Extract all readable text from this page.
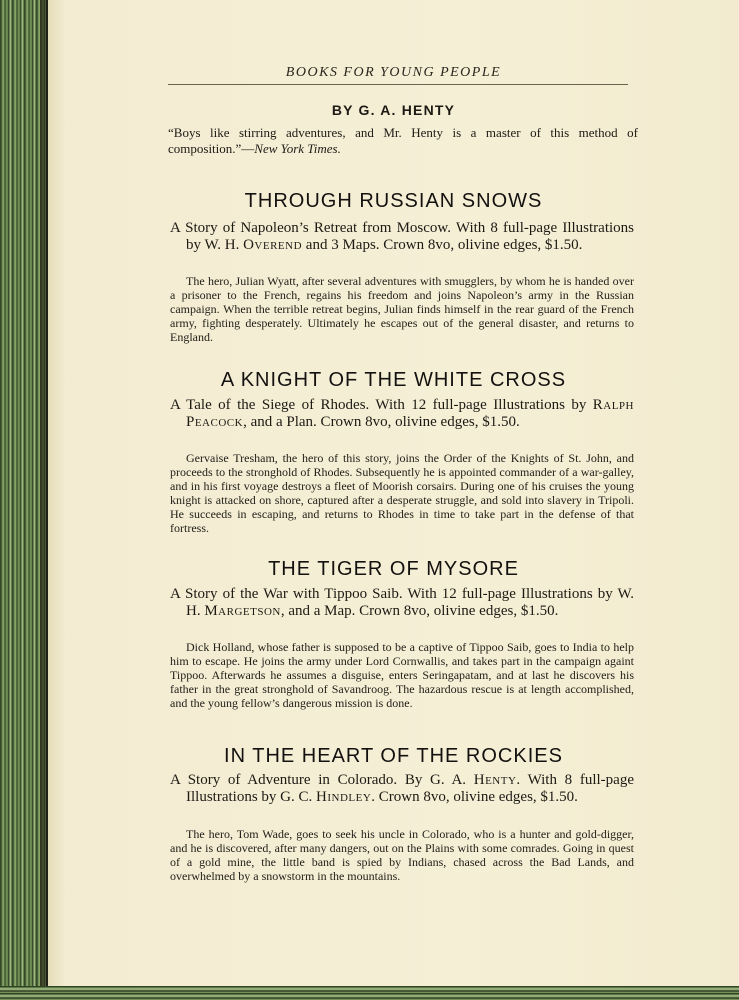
BOOKS FOR YOUNG PEOPLE
BY G. A. HENTY

“Boys like stirring adventures, and Mr. Henty is a master of this method of composition.”—New York Times.

THROUGH RUSSIAN SNOWS

A Story of Napoleon’s Retreat from Moscow. With 8 full-page Illustrations by W. H. Overend and 3 Maps. Crown 8vo, olivine edges, $1.50.

The hero, Julian Wyatt, after several adventures with smugglers, by whom he is handed over a prisoner to the French, regains his freedom and joins Napoleon’s army in the Russian campaign. When the terrible retreat begins, Julian finds himself in the rear guard of the French army, fighting desperately. Ultimately he escapes out of the general disaster, and returns to England.

A KNIGHT OF THE WHITE CROSS

A Tale of the Siege of Rhodes. With 12 full-page Illustrations by Ralph Peacock, and a Plan. Crown 8vo, olivine edges, $1.50.

Gervaise Tresham, the hero of this story, joins the Order of the Knights of St. John, and proceeds to the stronghold of Rhodes. Subsequently he is appointed commander of a war-galley, and in his first voyage destroys a fleet of Moorish corsairs. During one of his cruises the young knight is attacked on shore, captured after a desperate struggle, and sold into slavery in Tripoli. He succeeds in escaping, and returns to Rhodes in time to take part in the defense of that fortress.

THE TIGER OF MYSORE

A Story of the War with Tippoo Saib. With 12 full-page Illustrations by W. H. Margetson, and a Map. Crown 8vo, olivine edges, $1.50.

Dick Holland, whose father is supposed to be a captive of Tippoo Saib, goes to India to help him to escape. He joins the army under Lord Cornwallis, and takes part in the campaign againt Tippoo. Afterwards he assumes a disguise, enters Seringapatam, and at last he discovers his father in the great stronghold of Savandroog. The hazardous rescue is at length accomplished, and the young fellow’s dangerous mission is done.

IN THE HEART OF THE ROCKIES

A Story of Adventure in Colorado. By G. A. Henty. With 8 full-page Illustrations by G. C. Hindley. Crown 8vo, olivine edges, $1.50.

The hero, Tom Wade, goes to seek his uncle in Colorado, who is a hunter and gold-digger, and he is discovered, after many dangers, out on the Plains with some comrades. Going in quest of a gold mine, the little band is spied by Indians, chased across the Bad Lands, and overwhelmed by a snowstorm in the mountains.
